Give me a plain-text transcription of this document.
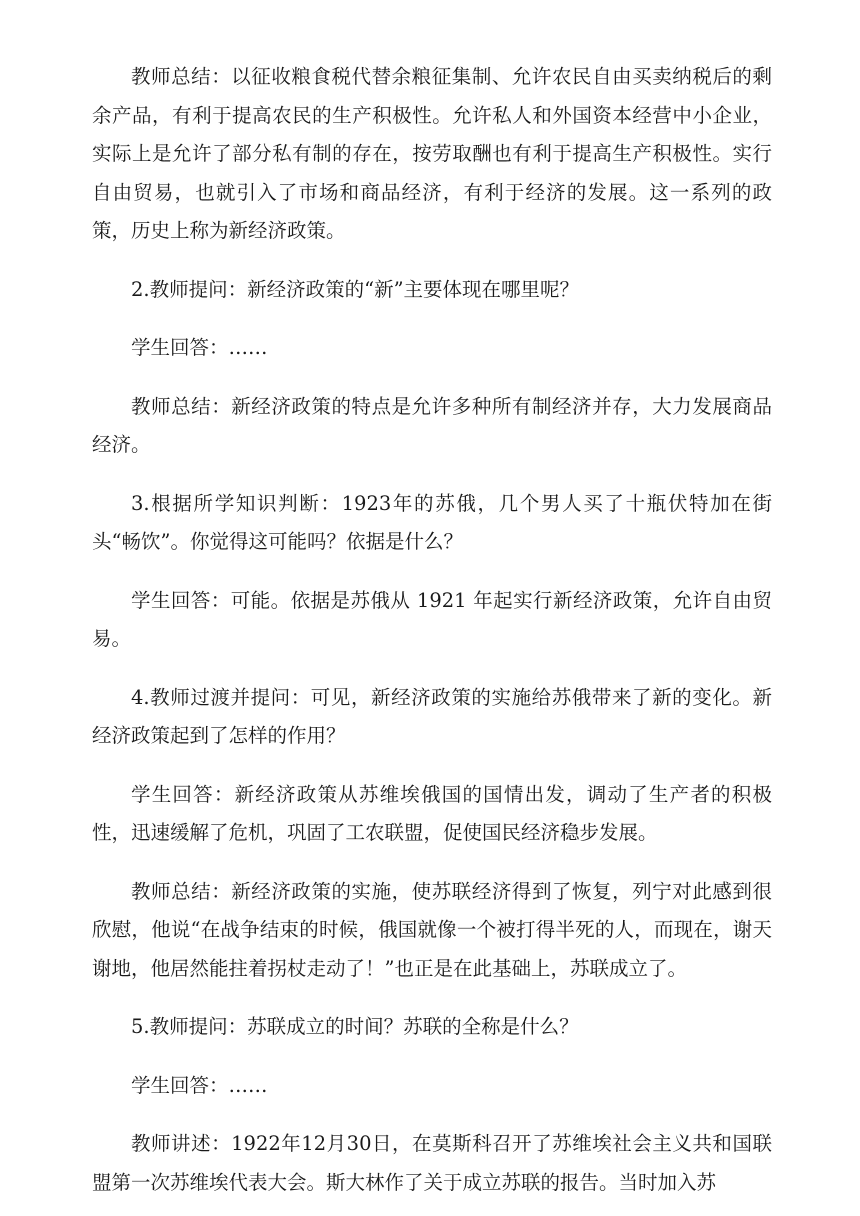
教师总结：以征收粮食税代替余粮征集制、允许农民自由买卖纳税后的剩余产品，有利于提高农民的生产积极性。允许私人和外国资本经营中小企业，实际上是允许了部分私有制的存在，按劳取酬也有利于提高生产积极性。实行自由贸易，也就引入了市场和商品经济，有利于经济的发展。这一系列的政策，历史上称为新经济政策。

2.教师提问：新经济政策的“新”主要体现在哪里呢？

学生回答：……

教师总结：新经济政策的特点是允许多种所有制经济并存，大力发展商品经济。

3.根据所学知识判断：1923年的苏俄，几个男人买了十瓶伏特加在街头“畅饮”。你觉得这可能吗？依据是什么？

学生回答：可能。依据是苏俄从 1921 年起实行新经济政策，允许自由贸易。

4.教师过渡并提问：可见，新经济政策的实施给苏俄带来了新的变化。新经济政策起到了怎样的作用？

学生回答：新经济政策从苏维埃俄国的国情出发，调动了生产者的积极性，迅速缓解了危机，巩固了工农联盟，促使国民经济稳步发展。

教师总结：新经济政策的实施，使苏联经济得到了恢复，列宁对此感到很欣慰，他说“在战争结束的时候，俄国就像一个被打得半死的人，而现在，谢天谢地，他居然能拄着拐杖走动了！”也正是在此基础上，苏联成立了。

5.教师提问：苏联成立的时间？苏联的全称是什么？

学生回答：……

教师讲述：1922年12月30日，在莫斯科召开了苏维埃社会主义共和国联盟第一次苏维埃代表大会。斯大林作了关于成立苏联的报告。当时加入苏
